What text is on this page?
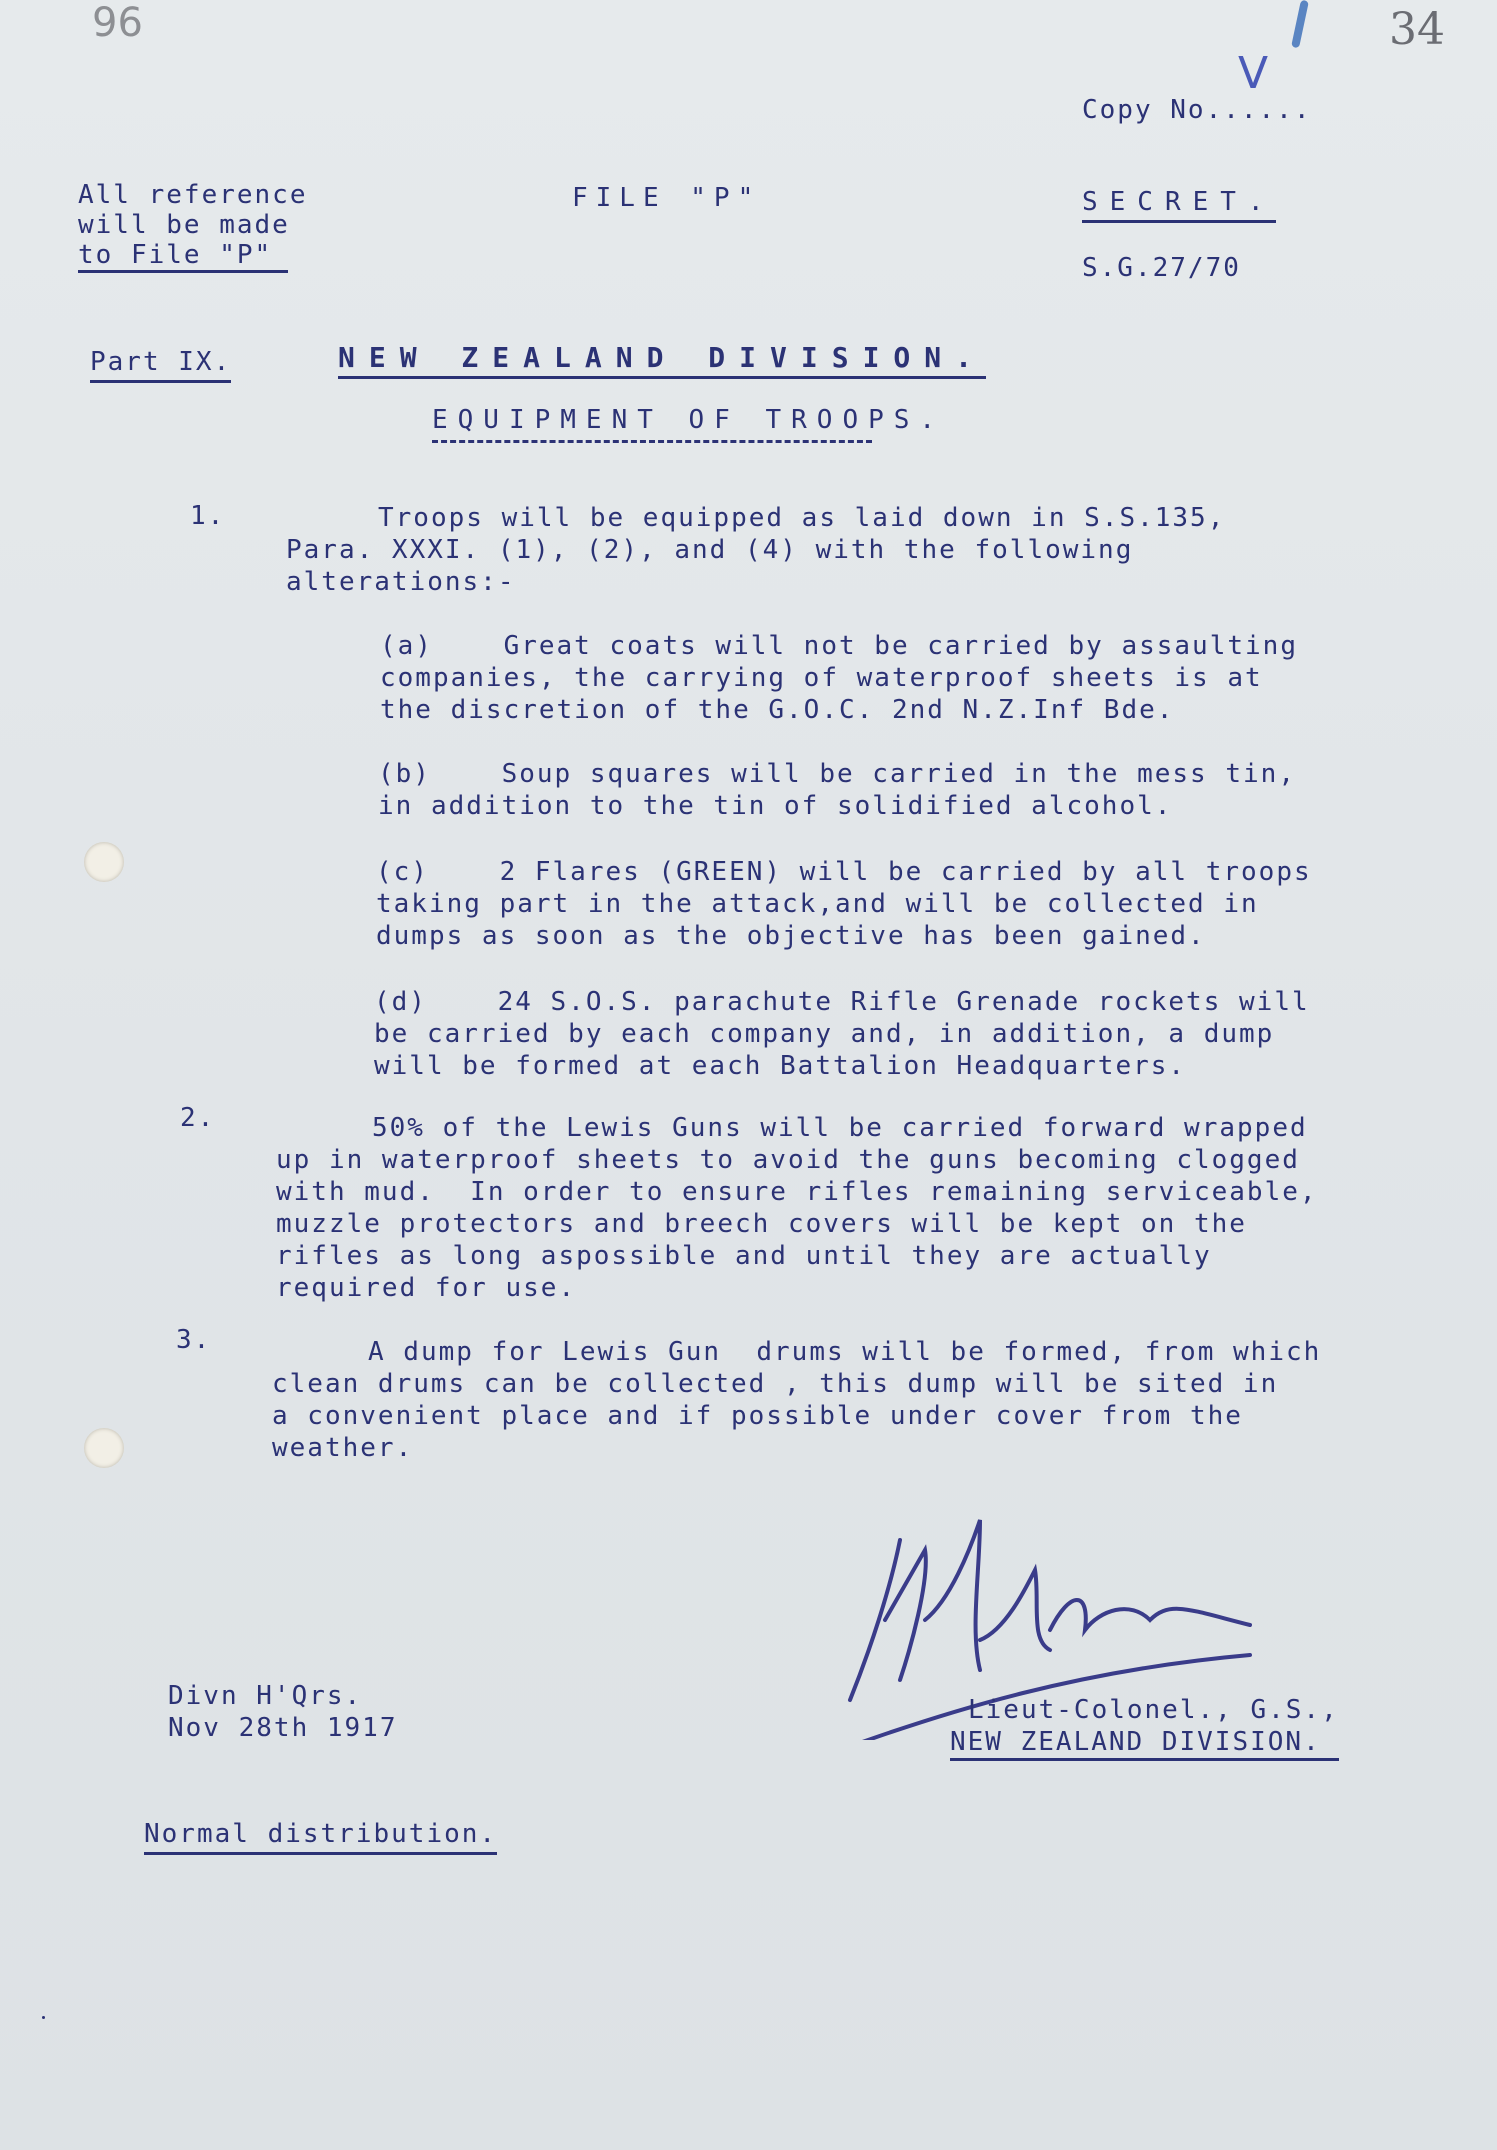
96	34
Copy No......
V
All reference
will be made
to File "P"
FILE "P"	SECRET.
S.G.27/70
Part IX.	NEW ZEALAND DIVISION.
EQUIPMENT OF TROOPS.
1.	Troops will be equipped as laid down in S.S.135,
Para. XXXI. (1), (2), and (4) with the following
alterations:-
(a)    Great coats will not be carried by assaulting
companies, the carrying of waterproof sheets is at
the discretion of the G.O.C. 2nd N.Z.Inf Bde.
(b)    Soup squares will be carried in the mess tin,
in addition to the tin of solidified alcohol.
(c)    2 Flares (GREEN) will be carried by all troops
taking part in the attack,and will be collected in
dumps as soon as the objective has been gained.
(d)    24 S.O.S. parachute Rifle Grenade rockets will
be carried by each company and, in addition, a dump
will be formed at each Battalion Headquarters.
2.	50% of the Lewis Guns will be carried forward wrapped
up in waterproof sheets to avoid the guns becoming clogged
with mud.  In order to ensure rifles remaining serviceable,
muzzle protectors and breech covers will be kept on the
rifles as long aspossible and until they are actually
required for use.
3.	A dump for Lewis Gun  drums will be formed, from which
clean drums can be collected , this dump will be sited in
a convenient place and if possible under cover from the
weather.
Divn H'Qrs.
Nov 28th 1917
Lieut-Colonel., G.S.,
NEW ZEALAND DIVISION.
Normal distribution.
